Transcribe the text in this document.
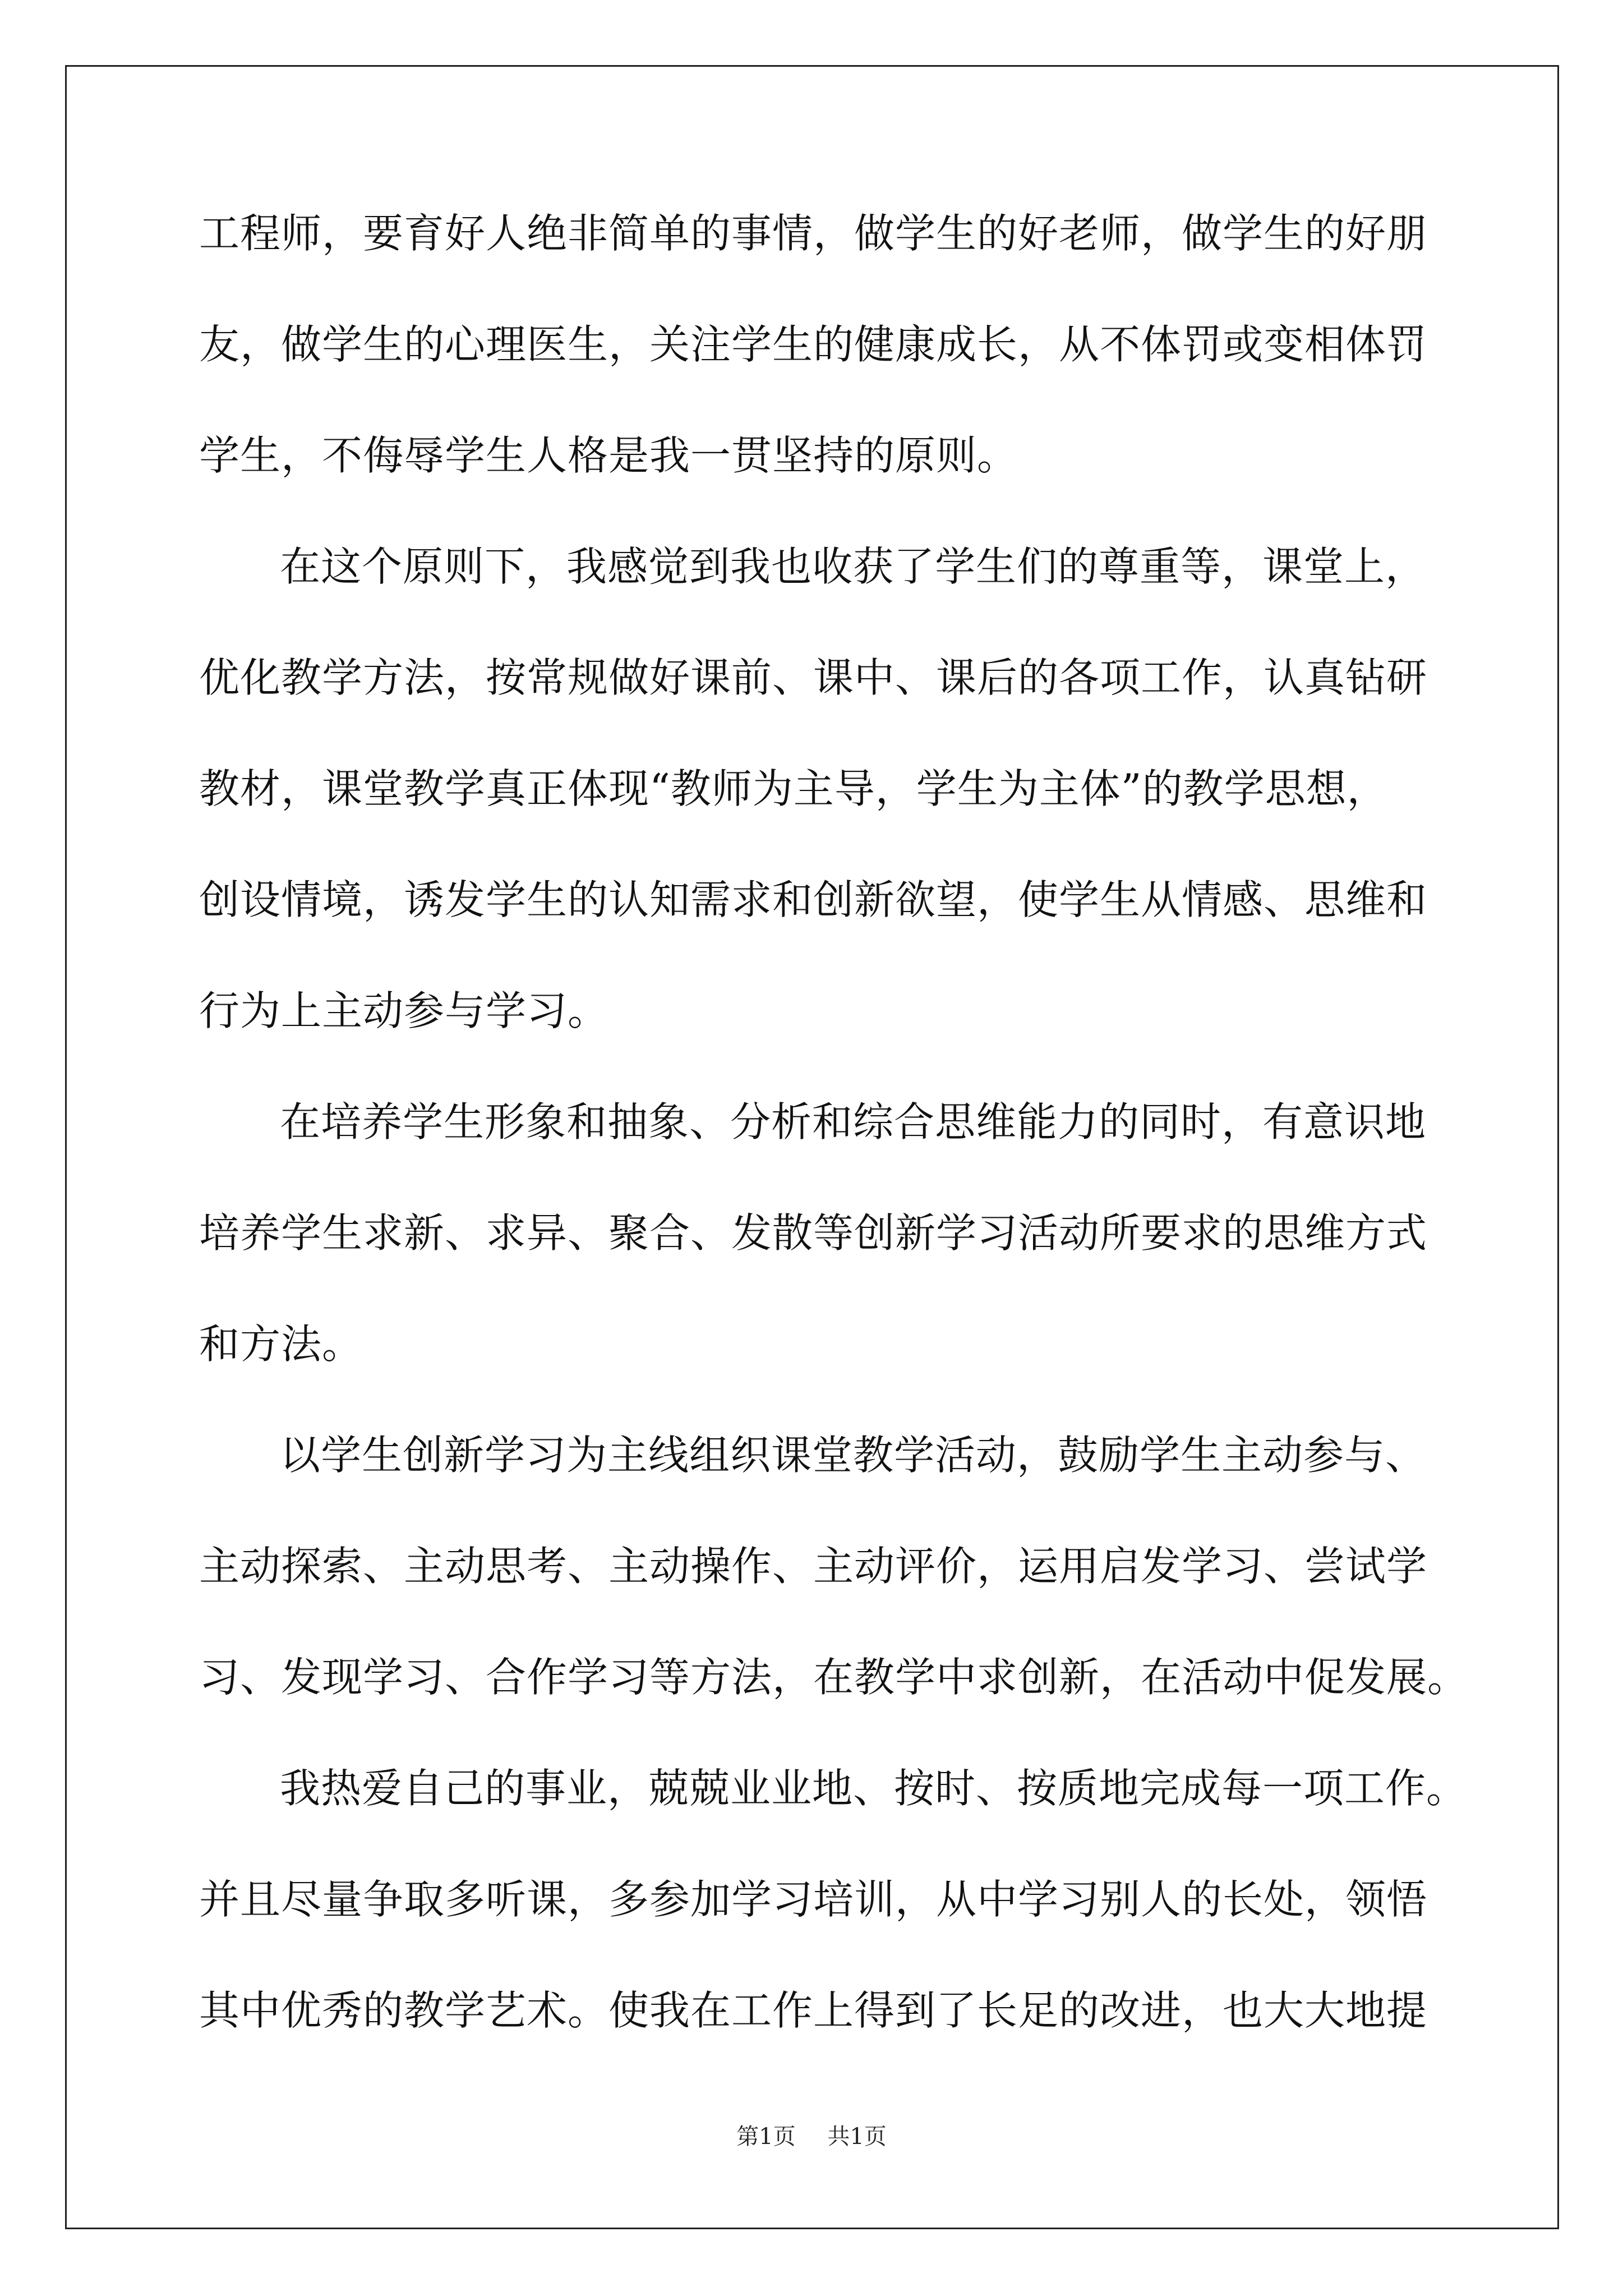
工程师，要育好人绝非简单的事情，做学生的好老师，做学生的好朋
友，做学生的心理医生，关注学生的健康成长，从不体罚或变相体罚
学生，不侮辱学生人格是我一贯坚持的原则。
在这个原则下，我感觉到我也收获了学生们的尊重等，课堂上，
优化教学方法，按常规做好课前、课中、课后的各项工作，认真钻研
教材，课堂教学真正体现“教师为主导，学生为主体”的教学思想，
创设情境，诱发学生的认知需求和创新欲望，使学生从情感、思维和
行为上主动参与学习。
在培养学生形象和抽象、分析和综合思维能力的同时，有意识地
培养学生求新、求异、聚合、发散等创新学习活动所要求的思维方式
和方法。
以学生创新学习为主线组织课堂教学活动，鼓励学生主动参与、
主动探索、主动思考、主动操作、主动评价，运用启发学习、尝试学
习、发现学习、合作学习等方法，在教学中求创新，在活动中促发展。
我热爱自己的事业，兢兢业业地、按时、按质地完成每一项工作。
并且尽量争取多听课，多参加学习培训，从中学习别人的长处，领悟
其中优秀的教学艺术。使我在工作上得到了长足的改进，也大大地提
第1页 共1页
